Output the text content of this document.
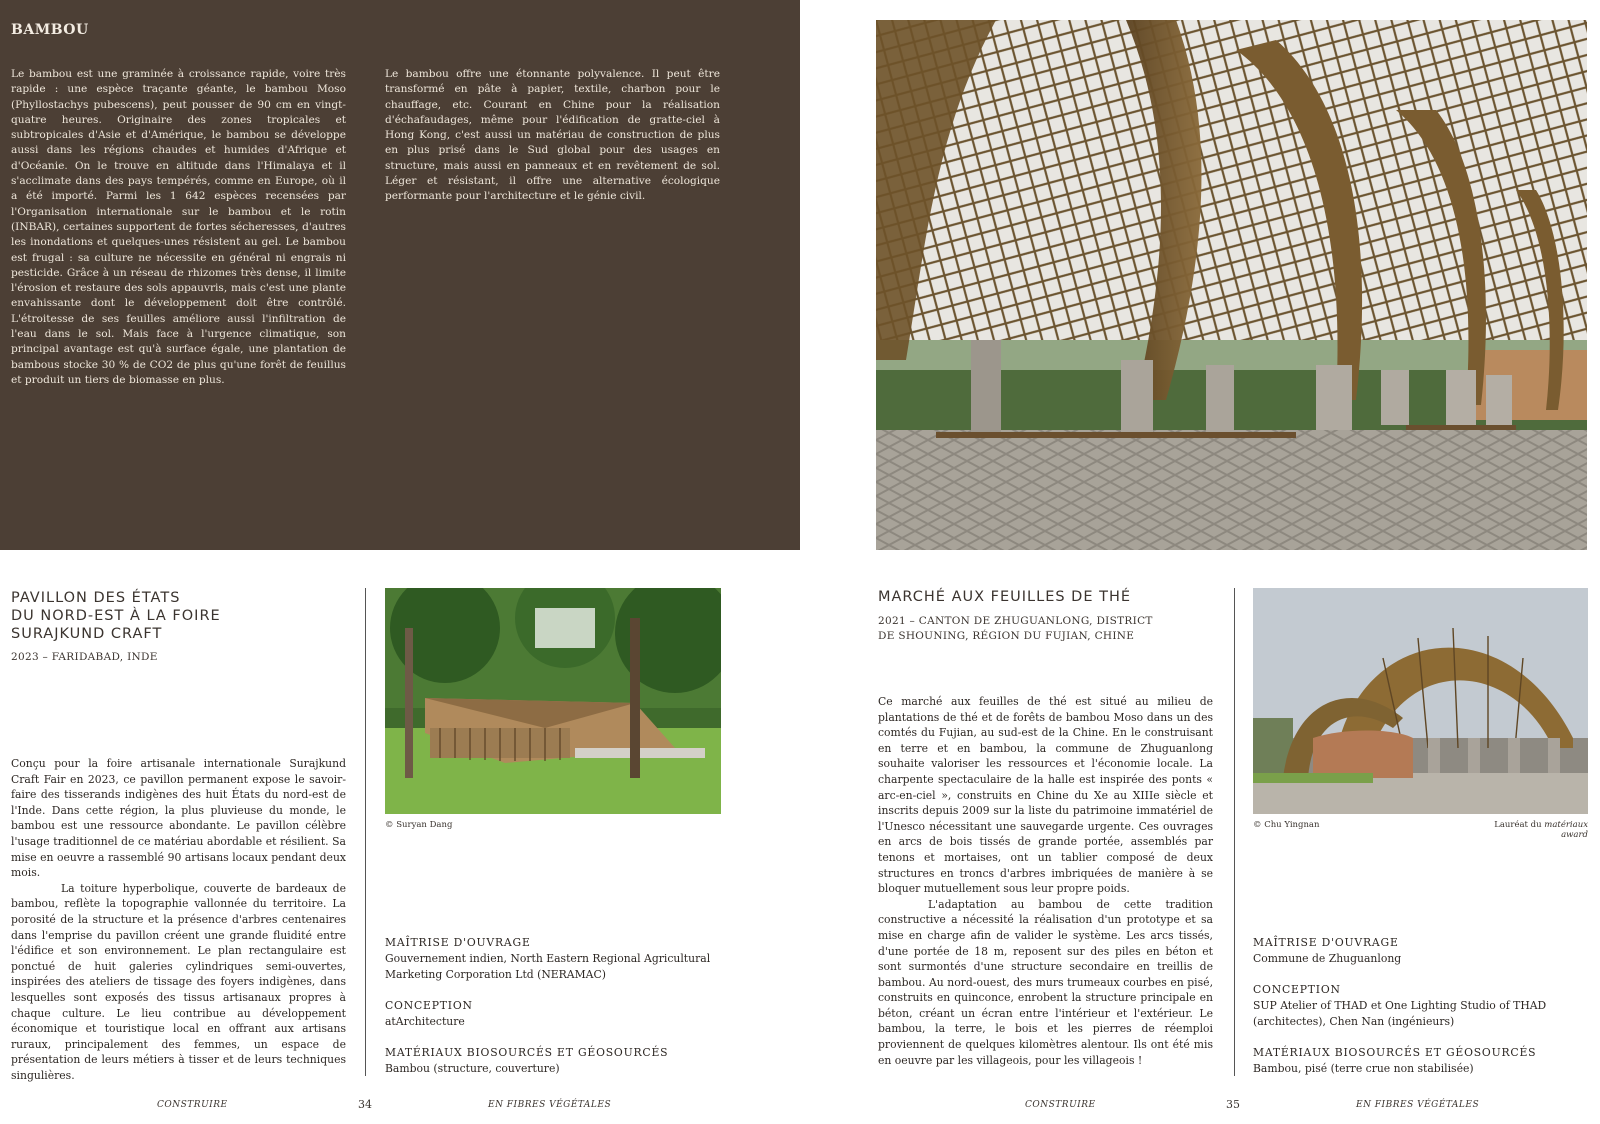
BAMBOU
Le bambou est une graminée à croissance rapide, voire très rapide : une espèce traçante géante, le bambou Moso (Phyllostachys pubescens), peut pousser de 90 cm en vingt-quatre heures. Originaire des zones tropicales et subtropicales d'Asie et d'Amérique, le bambou se développe aussi dans les régions chaudes et humides d'Afrique et d'Océanie. On le trouve en altitude dans l'Himalaya et il s'acclimate dans des pays tempérés, comme en Europe, où il a été importé. Parmi les 1 642 espèces recensées par l'Organisation internationale sur le bambou et le rotin (INBAR), certaines supportent de fortes sécheresses, d'autres les inondations et quelques-unes résistent au gel. Le bambou est frugal : sa culture ne nécessite en général ni engrais ni pesticide. Grâce à un réseau de rhizomes très dense, il limite l'érosion et restaure des sols appauvris, mais c'est une plante envahissante dont le développement doit être contrôlé. L'étroitesse de ses feuilles améliore aussi l'infiltration de l'eau dans le sol. Mais face à l'urgence climatique, son principal avantage est qu'à surface égale, une plantation de bambous stocke 30 % de CO2 de plus qu'une forêt de feuillus et produit un tiers de biomasse en plus.
Le bambou offre une étonnante polyvalence. Il peut être transformé en pâte à papier, textile, charbon pour le chauffage, etc. Courant en Chine pour la réalisation d'échafaudages, même pour l'édification de gratte-ciel à Hong Kong, c'est aussi un matériau de construction de plus en plus prisé dans le Sud global pour des usages en structure, mais aussi en panneaux et en revêtement de sol. Léger et résistant, il offre une alternative écologique performante pour l'architecture et le génie civil.
PAVILLON DES ÉTATS
DU NORD-EST À LA FOIRE
SURAJKUND CRAFT
2023 – FARIDABAD, INDE

Conçu pour la foire artisanale internationale Surajkund Craft Fair en 2023, ce pavillon permanent expose le savoir-faire des tisserands indigènes des huit États du nord-est de l'Inde. Dans cette région, la plus pluvieuse du monde, le bambou est une ressource abondante. Le pavillon célèbre l'usage traditionnel de ce matériau abordable et résilient. Sa mise en oeuvre a rassemblé 90 artisans locaux pendant deux mois.

La toiture hyperbolique, couverte de bardeaux de bambou, reflète la topographie vallonnée du territoire. La porosité de la structure et la présence d'arbres centenaires dans l'emprise du pavillon créent une grande fluidité entre l'édifice et son environnement. Le plan rectangulaire est ponctué de huit galeries cylindriques semi-ouvertes, inspirées des ateliers de tissage des foyers indigènes, dans lesquelles sont exposés des tissus artisanaux propres à chaque culture. Le lieu contribue au développement économique et touristique local en offrant aux artisans ruraux, principalement des femmes, un espace de présentation de leurs métiers à tisser et de leurs techniques singulières.

© Suryan Dang
MAÎTRISE D'OUVRAGE
Gouvernement indien, North Eastern Regional Agricultural Marketing Corporation Ltd (NERAMAC)
CONCEPTION
atArchitecture
MATÉRIAUX BIOSOURCÉS ET GÉOSOURCÉS
Bambou (structure, couverture)
MARCHÉ AUX FEUILLES DE THÉ
2021 – CANTON DE ZHUGUANLONG, DISTRICT
DE SHOUNING, RÉGION DU FUJIAN, CHINE

Ce marché aux feuilles de thé est situé au milieu de plantations de thé et de forêts de bambou Moso dans un des comtés du Fujian, au sud-est de la Chine. En le construisant en terre et en bambou, la commune de Zhuguanlong souhaite valoriser les ressources et l'économie locale. La charpente spectaculaire de la halle est inspirée des ponts « arc-en-ciel », construits en Chine du Xe au XIIIe siècle et inscrits depuis 2009 sur la liste du patrimoine immatériel de l'Unesco nécessitant une sauvegarde urgente. Ces ouvrages en arcs de bois tissés de grande portée, assemblés par tenons et mortaises, ont un tablier composé de deux structures en troncs d'arbres imbriquées de manière à se bloquer mutuellement sous leur propre poids.

L'adaptation au bambou de cette tradition constructive a nécessité la réalisation d'un prototype et sa mise en charge afin de valider le système. Les arcs tissés, d'une portée de 18 m, reposent sur des piles en béton et sont surmontés d'une structure secondaire en treillis de bambou. Au nord-ouest, des murs trumeaux courbes en pisé, construits en quinconce, enrobent la structure principale en béton, créant un écran entre l'intérieur et l'extérieur. Le bambou, la terre, le bois et les pierres de réemploi proviennent de quelques kilomètres alentour. Ils ont été mis en oeuvre par les villageois, pour les villageois !

© Chu Yingnan	Lauréat du matériaux award
MAÎTRISE D'OUVRAGE
Commune de Zhuguanlong
CONCEPTION
SUP Atelier of THAD et One Lighting Studio of THAD (architectes), Chen Nan (ingénieurs)
MATÉRIAUX BIOSOURCÉS ET GÉOSOURCÉS
Bambou, pisé (terre crue non stabilisée)
CONSTRUIRE	34	EN FIBRES VÉGÉTALES	CONSTRUIRE	35	EN FIBRES VÉGÉTALES
